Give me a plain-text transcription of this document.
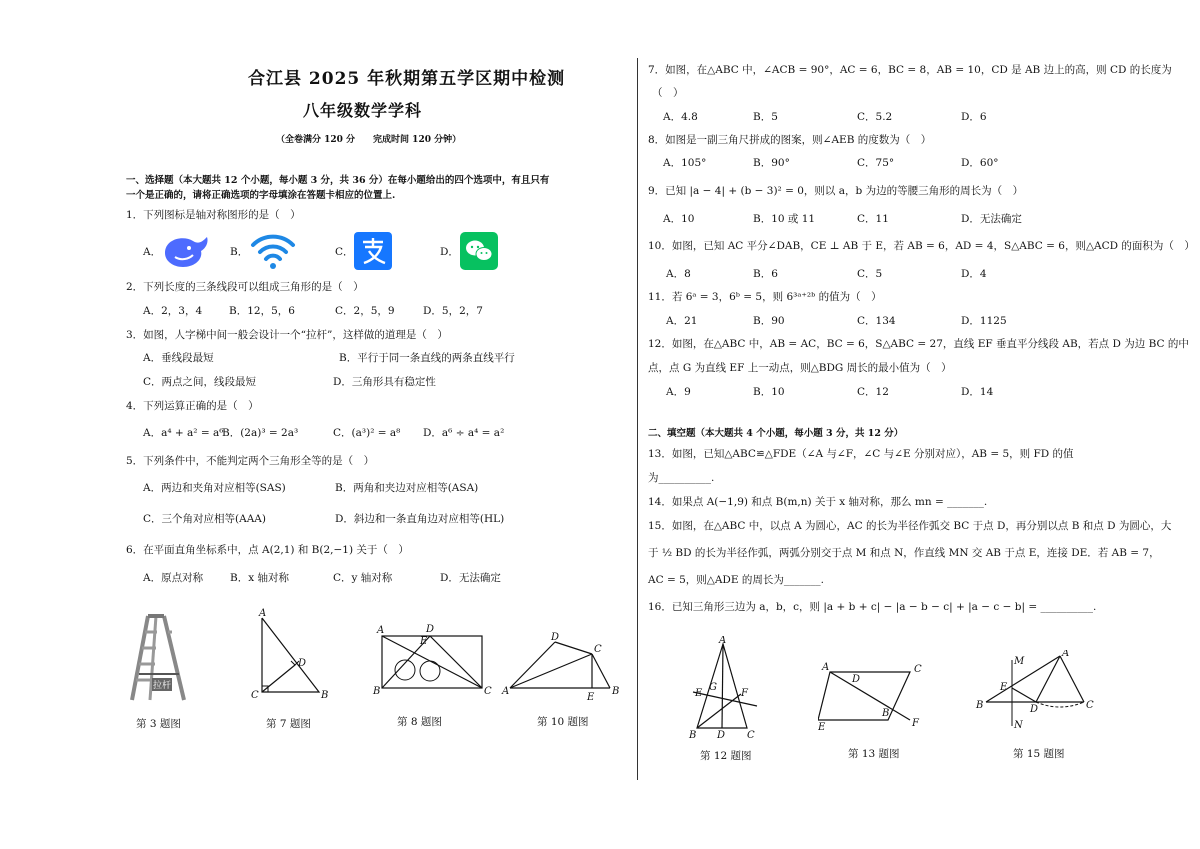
合江县 2025 年秋期第五学区期中检测
八年级数学学科
（全卷满分 120 分　　完成时间 120 分钟）
一、选择题（本大题共 12 个小题，每小题 3 分，共 36 分）在每小题给出的四个选项中，有且只有
一个是正确的，请将正确选项的字母填涂在答题卡相应的位置上.
1．下列图标是轴对称图形的是（　）
A．	B．	C．	D．
2．下列长度的三条线段可以组成三角形的是（　）
A．2，3，4	B．12，5，6	C．2，5，9	D．5，2，7
3．如图，人字梯中间一般会设计一个“拉杆”，这样做的道理是（　）
A．垂线段最短	B．平行于同一条直线的两条直线平行
C．两点之间，线段最短	D．三角形具有稳定性
4．下列运算正确的是（　）
A．a⁴ + a² = a⁶
B．(2a)³ = 2a³	C．(a³)² = a⁸ D．a⁶ ÷ a⁴ = a²
5．下列条件中，不能判定两个三角形全等的是（　）
A．两边和夹角对应相等(SAS)	B．两角和夹边对应相等(ASA)
C．三个角对应相等(AAA)	D．斜边和一条直角边对应相等(HL)
6．在平面直角坐标系中，点 A(2,1) 和 B(2,−1) 关于（　）
A．原点对称	B．x 轴对称	C．y 轴对称	D．无法确定
拉杆
第 3 题图
A
C	B
D
第 7 题图
A	D
E
B	C
第 8 题图
A
D
C
E
B
第 10 题图
7．如图，在△ABC 中，∠ACB = 90°，AC = 6，BC = 8，AB = 10，CD 是 AB 边上的高，则 CD 的长度为
（　）
A．4.8	B．5	C．5.2	D．6
8．如图是一副三角尺拼成的图案，则∠AEB 的度数为（　）
A．105°	B．90°	C．75°	D．60°
9．已知 |a − 4| + (b − 3)² = 0，则以 a，b 为边的等腰三角形的周长为（　）
A．10	B．10 或 11	C．11	D．无法确定
10．如图，已知 AC 平分∠DAB，CE ⊥ AB 于 E，若 AB = 6，AD = 4，S△ABC = 6，则△ACD 的面积为（　）
A．8	B．6	C．5	D．4
11．若 6ᵃ = 3，6ᵇ = 5，则 6³ᵃ⁺²ᵇ 的值为（　）
A．21	B．90	C．134	D．1125
12．如图，在△ABC 中，AB = AC，BC = 6，S△ABC = 27，直线 EF 垂直平分线段 AB，若点 D 为边 BC 的中
点，点 G 为直线 EF 上一动点，则△BDG 周长的最小值为（　）
A．9	B．10	C．12	D．14
二、填空题（本大题共 4 个小题，每小题 3 分，共 12 分）
13．如图，已知△ABC≌△FDE（∠A 与∠F，∠C 与∠E 分别对应），AB = 5，则 FD 的值
为__________.
14．如果点 A(−1,9) 和点 B(m,n) 关于 x 轴对称，那么 mn = _______.
15．如图，在△ABC 中，以点 A 为圆心，AC 的长为半径作弧交 BC 于点 D，再分别以点 B 和点 D 为圆心，大
于 ½ BD 的长为半径作弧，两弧分别交于点 M 和点 N，作直线 MN 交 AB 于点 E，连接 DE．若 AB = 7，
AC = 5，则△ADE 的周长为_______.
16．已知三角形三边为 a，b，c，则 |a + b + c| − |a − b − c| + |a − c − b| = __________.
A
E
G
F
B D C
第 12 题图
A	C
D
B
E	F
第 13 题图
M
A
E
B	D	C
N
第 15 题图
